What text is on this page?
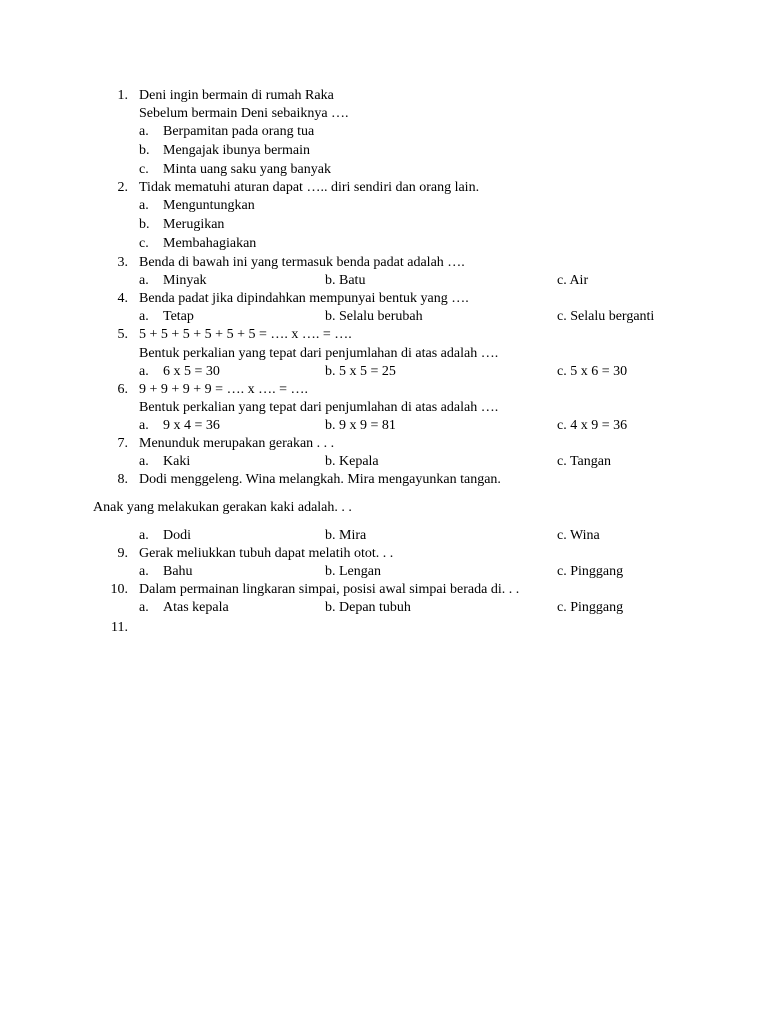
1. Deni ingin bermain di rumah Raka
Sebelum bermain Deni sebaiknya ….
a. Berpamitan pada orang tua
b. Mengajak ibunya bermain
c. Minta uang saku yang banyak
2. Tidak mematuhi aturan dapat ….. diri sendiri dan orang lain.
a. Menguntungkan
b. Merugikan
c. Membahagiakan
3. Benda di bawah ini yang termasuk benda padat adalah ….
a. Minyak	b. Batu	c. Air
4. Benda padat jika dipindahkan mempunyai bentuk yang ….
a. Tetap	b. Selalu berubah	c. Selalu berganti
5. 5 + 5 + 5 + 5 + 5 + 5 = …. x …. = ….
Bentuk perkalian yang tepat dari penjumlahan di atas adalah ….
a. 6 x 5 = 30	b. 5 x 5 = 25	c. 5 x 6 = 30
6. 9 + 9 + 9 + 9 = …. x …. = ….
Bentuk perkalian yang tepat dari penjumlahan di atas adalah ….
a. 9 x 4 = 36	b. 9 x 9 = 81	c. 4 x 9 = 36
7. Menunduk merupakan gerakan . . .
a. Kaki	b. Kepala	c. Tangan
8. Dodi menggeleng. Wina melangkah. Mira mengayunkan tangan.
Anak yang melakukan gerakan kaki adalah. . .
a. Dodi	b. Mira	c. Wina
9. Gerak meliukkan tubuh dapat melatih otot. . .
a. Bahu	b. Lengan	c. Pinggang
10. Dalam permainan lingkaran simpai, posisi awal simpai berada di. . .
a. Atas kepala	b. Depan tubuh	c. Pinggang
11.
